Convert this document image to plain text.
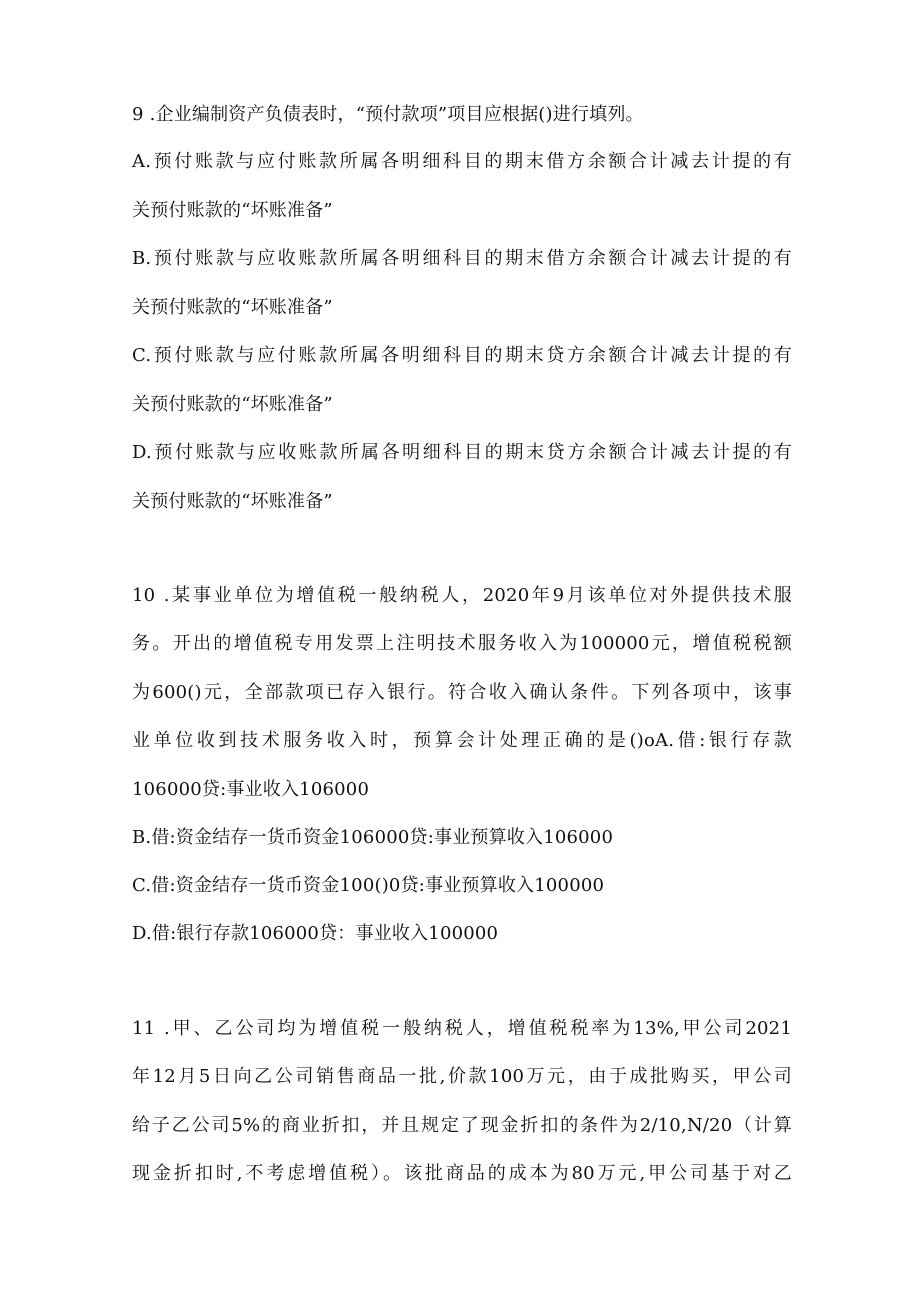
9 .企业编制资产负债表时，“预付款项”项目应根据()进行填列。
A.预付账款与应付账款所属各明细科目的期末借方余额合计减去计提的有
关预付账款的“坏账准备”
B.预付账款与应收账款所属各明细科目的期末借方余额合计减去计提的有
关预付账款的“坏账准备”
C.预付账款与应付账款所属各明细科目的期末贷方余额合计减去计提的有
关预付账款的“坏账准备”
D.预付账款与应收账款所属各明细科目的期末贷方余额合计减去计提的有
关预付账款的“坏账准备”
10 .某事业单位为增值税一般纳税人，2020年9月该单位对外提供技术服
务。开出的增值税专用发票上注明技术服务收入为100000元，增值税税额
为600()元，全部款项已存入银行。符合收入确认条件。下列各项中，该事
业单位收到技术服务收入时，预算会计处理正确的是()oA.借:银行存款
106000贷:事业收入106000
B.借:资金结存一货币资金106000贷:事业预算收入106000
C.借:资金结存一货币资金100()0贷:事业预算收入100000
D.借:银行存款106000贷：事业收入100000
11 .甲、乙公司均为增值税一般纳税人，增值税税率为13%,甲公司2021
年12月5日向乙公司销售商品一批,价款100万元，由于成批购买，甲公司
给子乙公司5%的商业折扣，并且规定了现金折扣的条件为2/10,N/20（计算
现金折扣时,不考虑增值税）。该批商品的成本为80万元,甲公司基于对乙
